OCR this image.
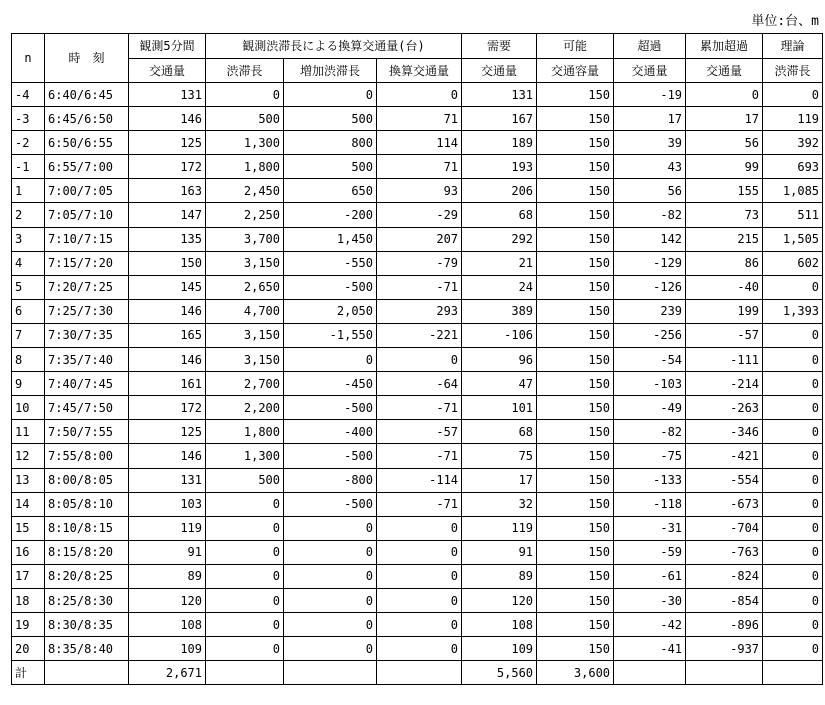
単位:台、m
n	時　刻	観測5分間	観測渋滞長による換算交通量(台)			需要	可能	超過	累加超過	理論
		交通量	渋滞長	増加渋滞長	換算交通量	交通量	交通容量	交通量	交通量	渋滞長
-4	6:40/6:45	131	0	0	0	131	150	-19	0	0
-3	6:45/6:50	146	500	500	71	167	150	17	17	119
-2	6:50/6:55	125	1,300	800	114	189	150	39	56	392
-1	6:55/7:00	172	1,800	500	71	193	150	43	99	693
1	7:00/7:05	163	2,450	650	93	206	150	56	155	1,085
2	7:05/7:10	147	2,250	-200	-29	68	150	-82	73	511
3	7:10/7:15	135	3,700	1,450	207	292	150	142	215	1,505
4	7:15/7:20	150	3,150	-550	-79	21	150	-129	86	602
5	7:20/7:25	145	2,650	-500	-71	24	150	-126	-40	0
6	7:25/7:30	146	4,700	2,050	293	389	150	239	199	1,393
7	7:30/7:35	165	3,150	-1,550	-221	-106	150	-256	-57	0
8	7:35/7:40	146	3,150	0	0	96	150	-54	-111	0
9	7:40/7:45	161	2,700	-450	-64	47	150	-103	-214	0
10	7:45/7:50	172	2,200	-500	-71	101	150	-49	-263	0
11	7:50/7:55	125	1,800	-400	-57	68	150	-82	-346	0
12	7:55/8:00	146	1,300	-500	-71	75	150	-75	-421	0
13	8:00/8:05	131	500	-800	-114	17	150	-133	-554	0
14	8:05/8:10	103	0	-500	-71	32	150	-118	-673	0
15	8:10/8:15	119	0	0	0	119	150	-31	-704	0
16	8:15/8:20	91	0	0	0	91	150	-59	-763	0
17	8:20/8:25	89	0	0	0	89	150	-61	-824	0
18	8:25/8:30	120	0	0	0	120	150	-30	-854	0
19	8:30/8:35	108	0	0	0	108	150	-42	-896	0
20	8:35/8:40	109	0	0	0	109	150	-41	-937	0
計		2,671				5,560	3,600			
